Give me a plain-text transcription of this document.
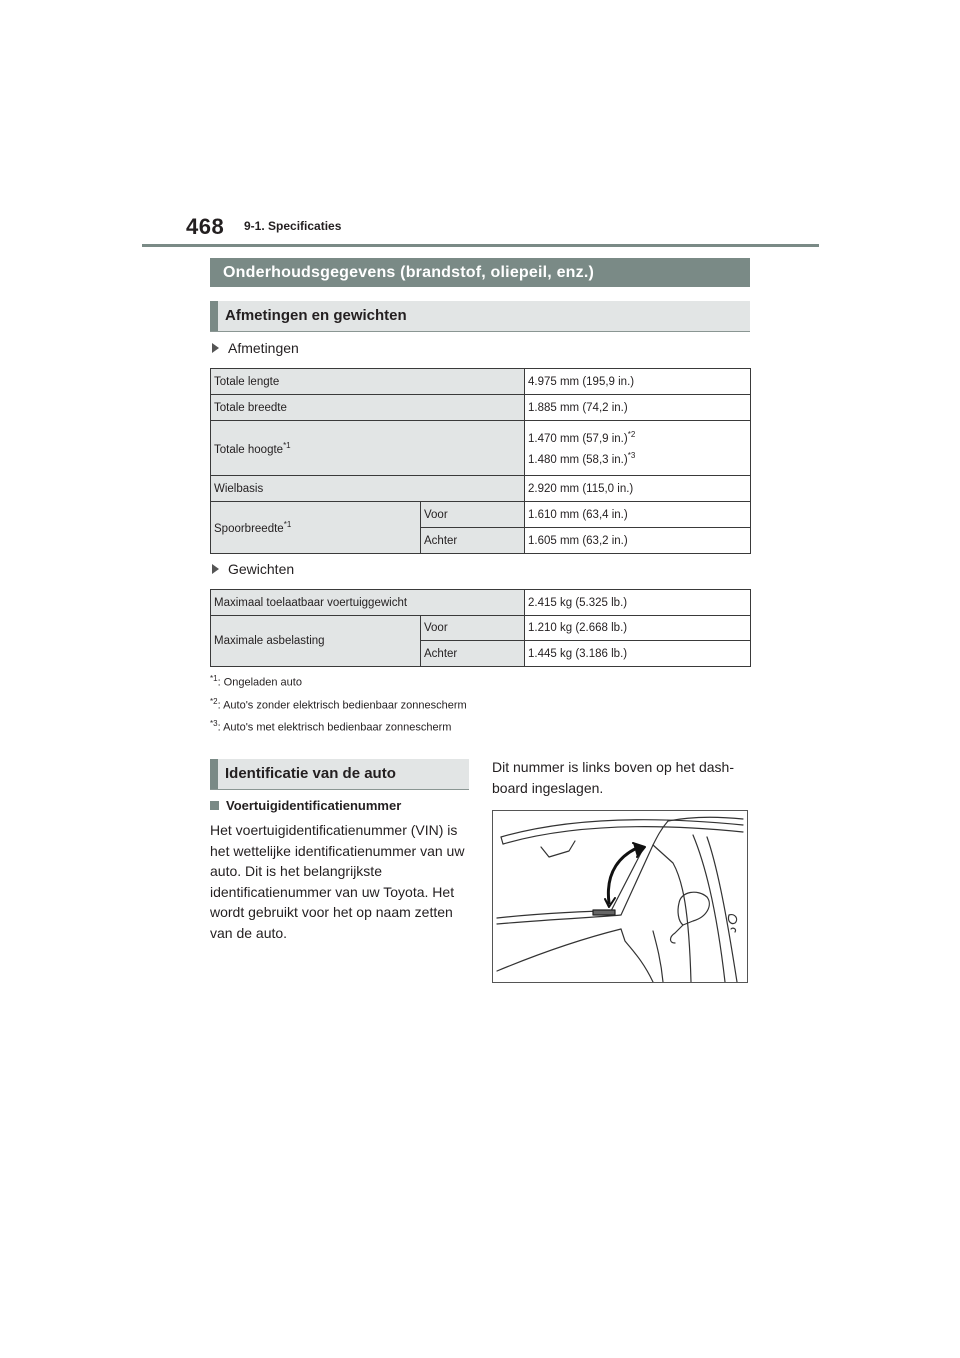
468 9-1. Specificaties
Onderhoudsgegevens (brandstof, oliepeil, enz.)
Afmetingen en gewichten
Afmetingen
Totale lengte		4.975 mm (195,9 in.)
Totale breedte		1.885 mm (74,2 in.)
Totale hoogte$^{*1}$		1.470 mm (57,9 in.)$^{*2}$
1.480 mm (58,3 in.)$^{*3}$

Wielbasis		2.920 mm (115,0 in.)
Spoorbreedte$^{*1}$	Voor	1.610 mm (63,4 in.)
	Achter	1.605 mm (63,2 in.)
Gewichten
Maximaal toelaatbaar voertuiggewicht		2.415 kg (5.325 lb.)
Maximale asbelasting	Voor	1.210 kg (2.668 lb.)
	Achter	1.445 kg (3.186 lb.)
$^{*1}$: Ongeladen auto
$^{*2}$: Auto's zonder elektrisch bedienbaar zonnescherm
$^{*3}$: Auto's met elektrisch bedienbaar zonnescherm
Identificatie van de auto
Voertuigidentificatienummer
Het voertuigidentificatienummer (VIN) is het wettelijke identificatienummer van uw auto. Dit is het belangrijkste identificatienummer van uw Toyota. Het wordt gebruikt voor het op naam zetten van de auto.
Dit nummer is links boven op het dash-board ingeslagen.
